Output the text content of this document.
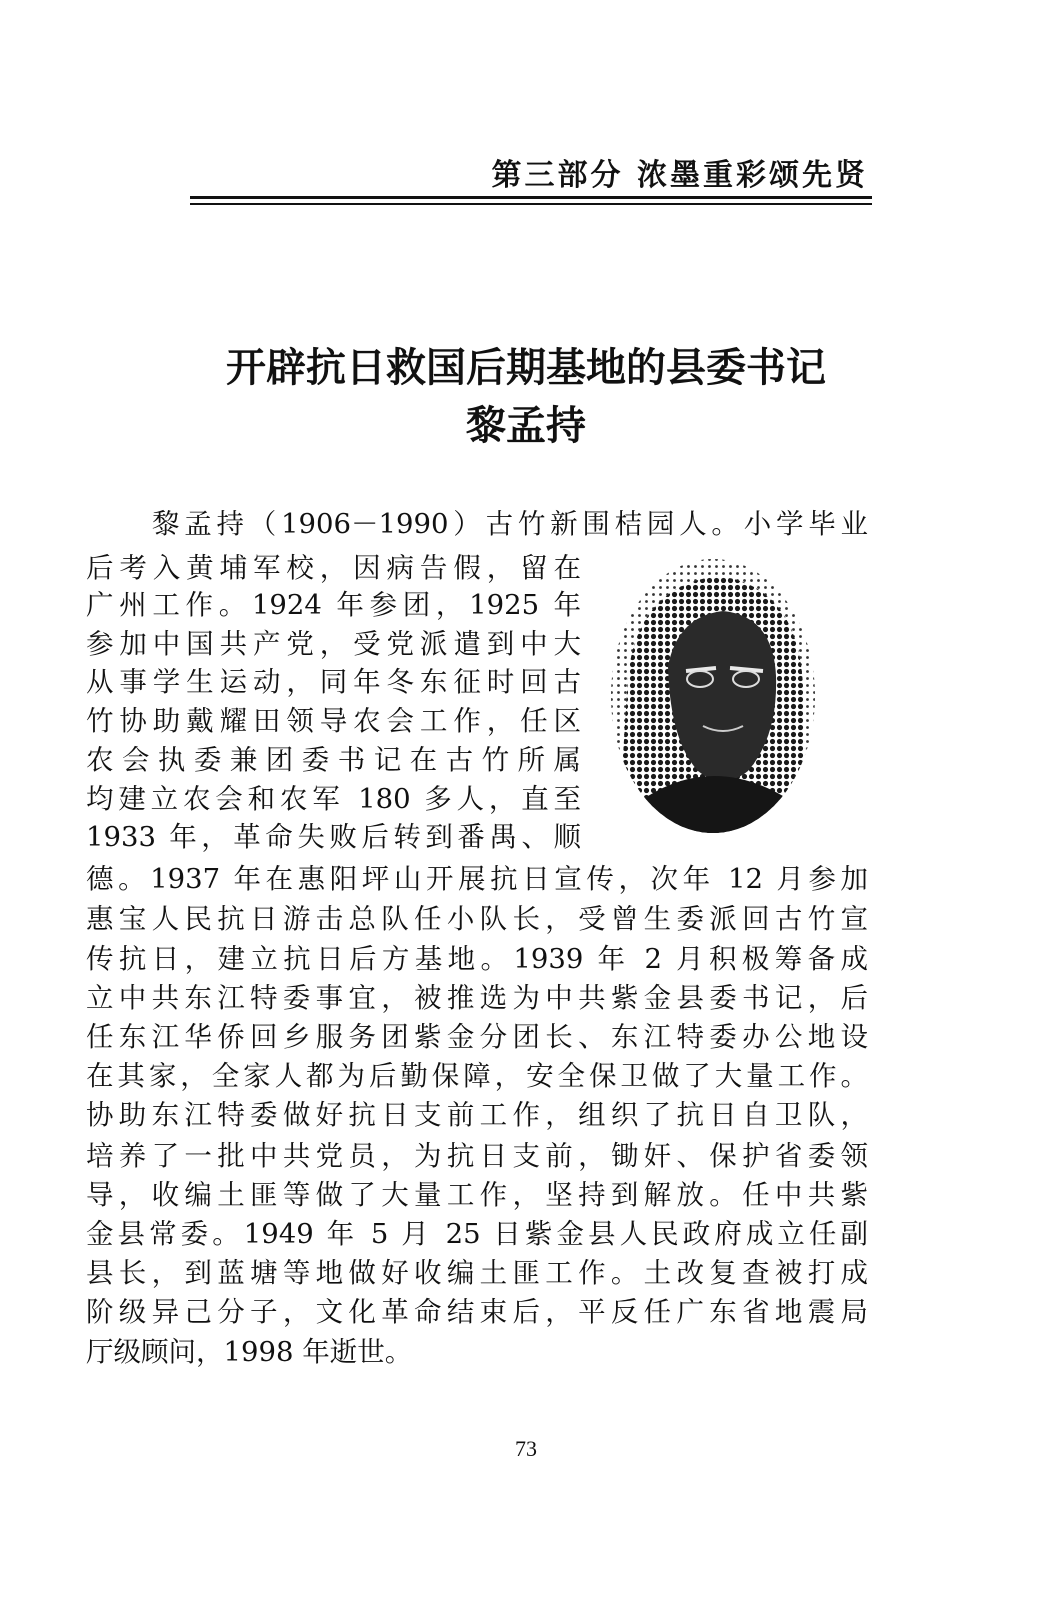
第三部分 浓墨重彩颂先贤
开辟抗日救国后期基地的县委书记
黎孟持
黎孟持（1906－1990）古竹新围桔园人。小学毕业
后考入黄埔军校，因病告假，留在
广州工作。1924 年参团，1925 年
参加中国共产党，受党派遣到中大
从事学生运动，同年冬东征时回古
竹协助戴耀田领导农会工作，任区
农会执委兼团委书记在古竹所属
均建立农会和农军 180 多人，直至
1933 年，革命失败后转到番禺、顺
德。1937 年在惠阳坪山开展抗日宣传，次年 12 月参加
惠宝人民抗日游击总队任小队长，受曾生委派回古竹宣
传抗日，建立抗日后方基地。1939 年 2 月积极筹备成
立中共东江特委事宜，被推选为中共紫金县委书记，后
任东江华侨回乡服务团紫金分团长、东江特委办公地设
在其家，全家人都为后勤保障，安全保卫做了大量工作。
协助东江特委做好抗日支前工作，组织了抗日自卫队，
培养了一批中共党员，为抗日支前，锄奸、保护省委领
导，收编土匪等做了大量工作，坚持到解放。任中共紫
金县常委。1949 年 5 月 25 日紫金县人民政府成立任副
县长，到蓝塘等地做好收编土匪工作。土改复查被打成
阶级异己分子，文化革命结束后，平反任广东省地震局
厅级顾问，1998 年逝世。
73
